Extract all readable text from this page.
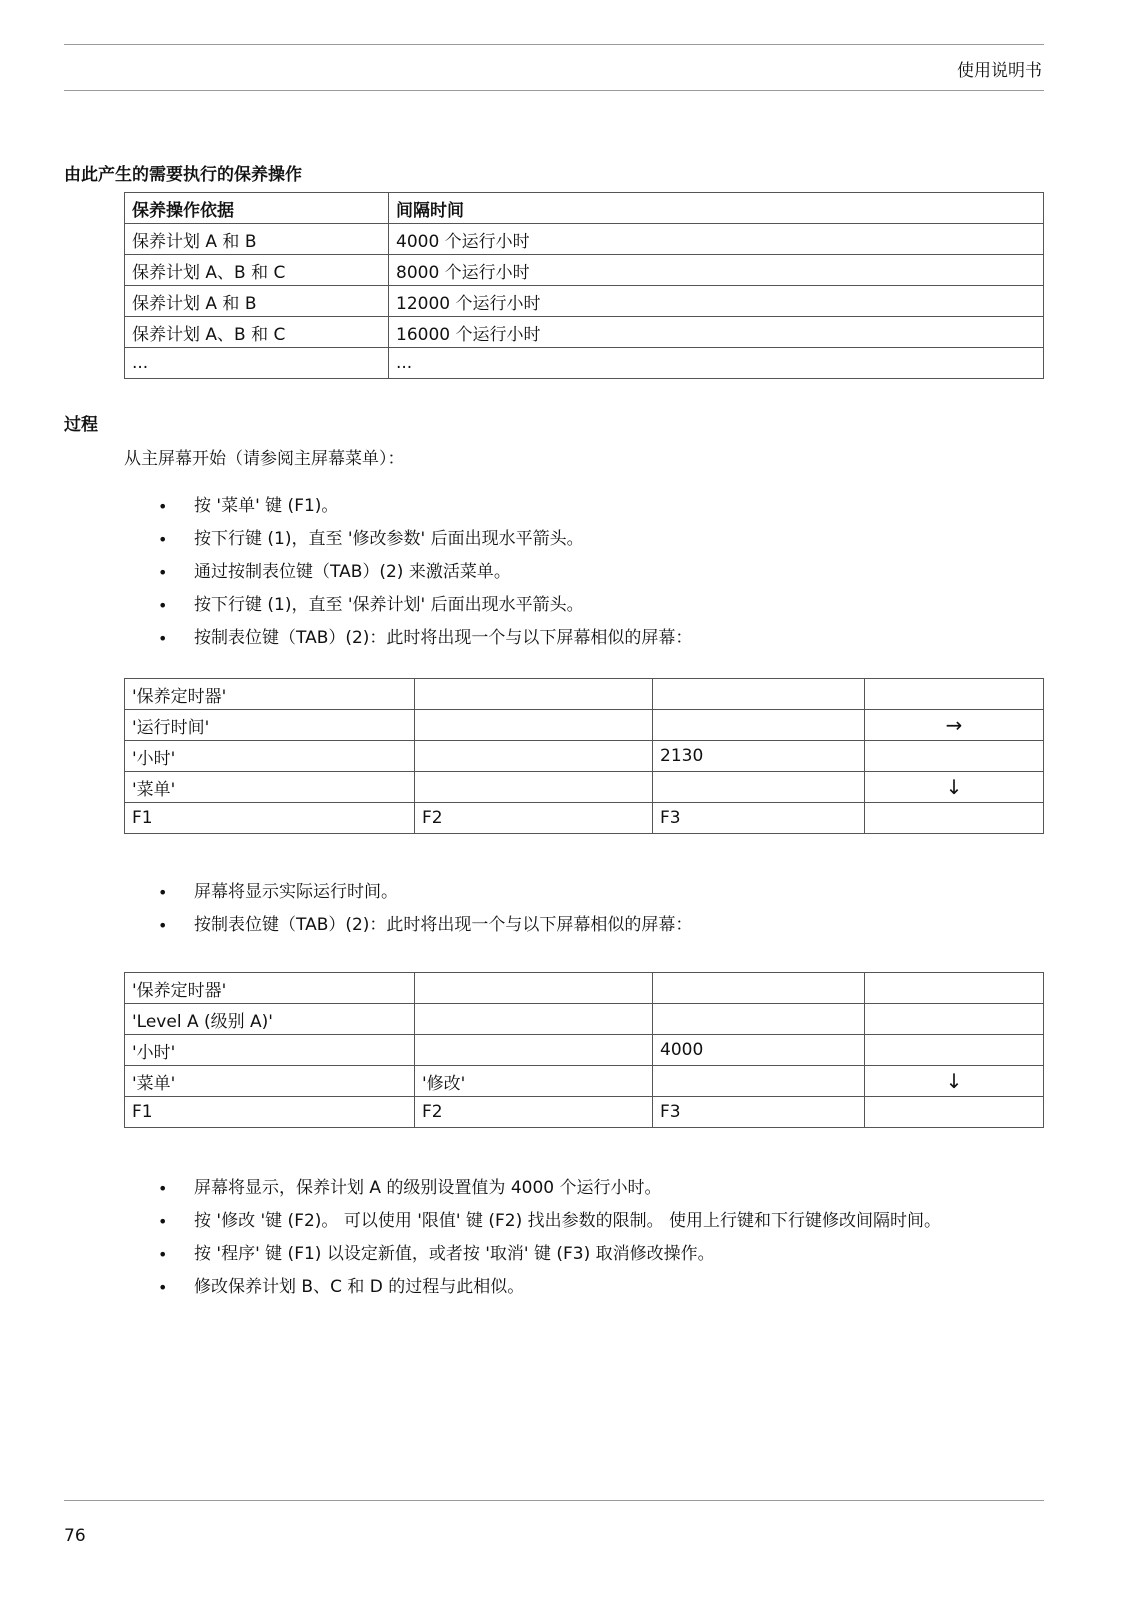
使用说明书
由此产生的需要执行的保养操作
保养操作依据	间隔时间
保养计划 A 和 B	4000 个运行小时
保养计划 A、B 和 C	8000 个运行小时
保养计划 A 和 B	12000 个运行小时
保养计划 A、B 和 C	16000 个运行小时
...	...
过程
从主屏幕开始（请参阅主屏幕菜单）：
• 按 '菜单' 键 (F1)。
• 按下行键 (1)，直至 '修改参数' 后面出现水平箭头。
• 通过按制表位键（TAB）(2) 来激活菜单。
• 按下行键 (1)，直至 '保养计划' 后面出现水平箭头。
• 按制表位键（TAB）(2)：此时将出现一个与以下屏幕相似的屏幕：
'保养定时器'			
'运行时间'			→
'小时'		2130	
'菜单'			↓
F1	F2	F3	
• 屏幕将显示实际运行时间。
• 按制表位键（TAB）(2)：此时将出现一个与以下屏幕相似的屏幕：
'保养定时器'			
'Level A (级别 A)'			
'小时'		4000	
'菜单'	'修改'		↓
F1	F2	F3	
• 屏幕将显示，保养计划 A 的级别设置值为 4000 个运行小时。
• 按 '修改 '键 (F2)。 可以使用 '限值' 键 (F2) 找出参数的限制。 使用上行键和下行键修改间隔时间。
• 按 '程序' 键 (F1) 以设定新值，或者按 '取消' 键 (F3) 取消修改操作。
• 修改保养计划 B、C 和 D 的过程与此相似。
76
